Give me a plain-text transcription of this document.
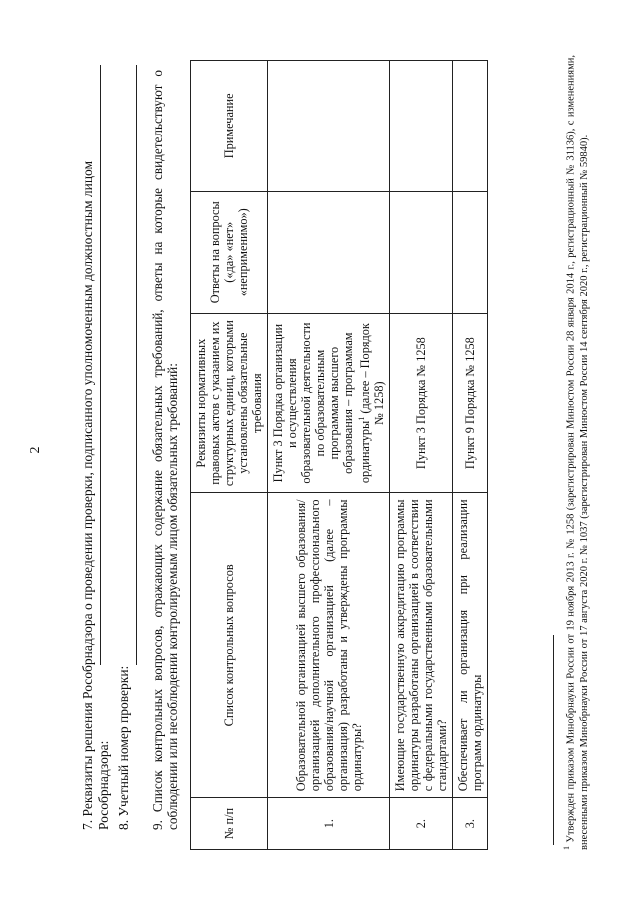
2	7. Реквизиты решения Рособрнадзора о проведении проверки, подписанного уполномоченным должностным лицом Рособрнадзора: 8. Учетный номер проверки: 9. Список контрольных вопросов, отражающих содержание обязательных требований, ответы на которые свидетельствуют о соблюдении или несоблюдении контролируемым лицом обязательных требований:	№ п/п	Список контрольных вопросов	Реквизиты нормативных правовых актов с указанием их структурных единиц, которыми установлены обязательные требования	Ответы на вопросы («да» «нет» «неприменимо»)	Примечание
1.	Образовательной организацией высшего образования/организацией дополнительного профессионального образования/научной организацией (далее – организация) разработаны и утверждены программы ординатуры?	Пункт 3 Порядка организации и осуществления образовательной деятельности по образовательным программам высшего образования – программам ординатуры$^1$ (далее – Порядок № 1258)		
2.	Имеющие государственную аккредитацию программы ординатуры разработаны организацией в соответствии с федеральными государственными образовательными стандартами?	Пункт 3 Порядка № 1258		
3.	Обеспечивает ли организация при реализации программ ординатуры	Пункт 9 Порядка № 1258		
$^1$ Утвержден приказом Минобрнауки России от 19 ноября 2013 г. № 1258 (зарегистрирован Минюстом России 28 января 2014 г., регистрационный № 31136), с изменениями, внесенными приказом Минобрнауки России от 17 августа 2020 г. № 1037 (зарегистрирован Минюстом России 14 сентября 2020 г., регистрационный № 59840).
